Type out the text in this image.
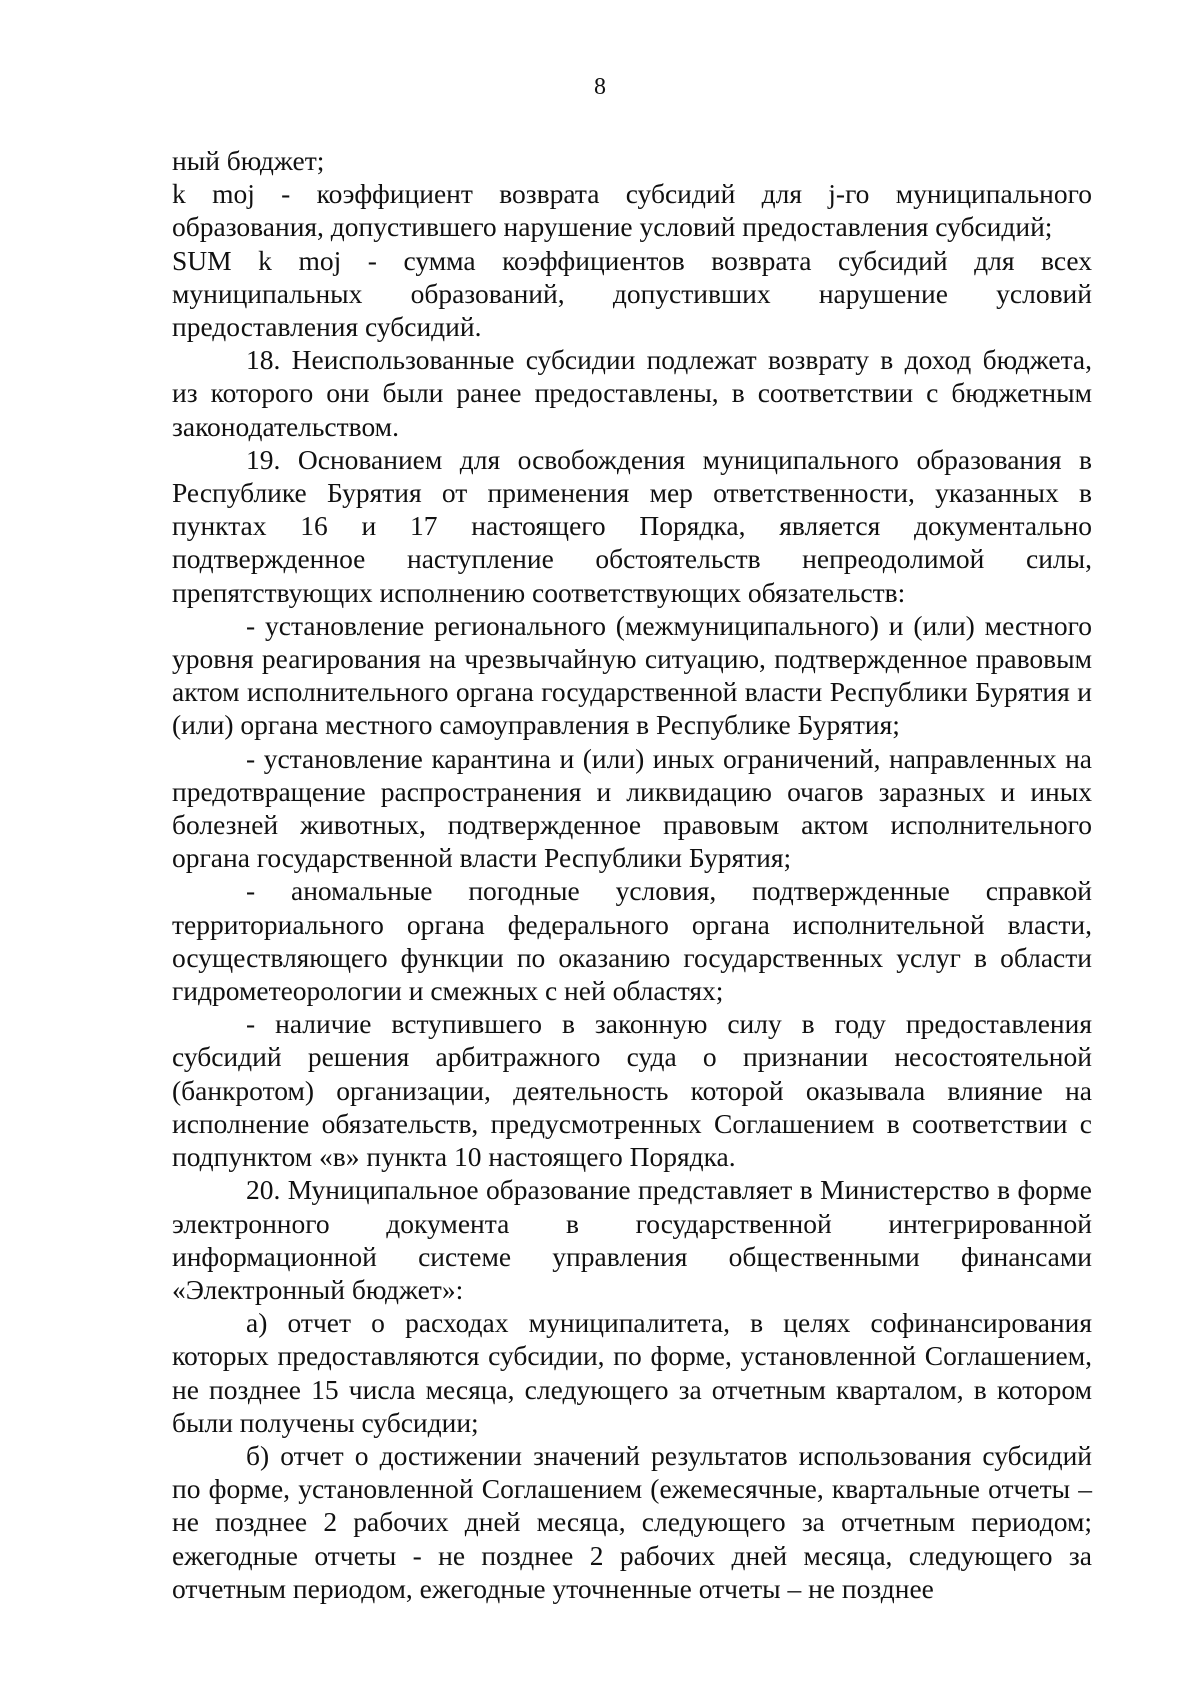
8

ный бюджет;

k moj - коэффициент возврата субсидий для j-го муниципального образования, допустившего нарушение условий предоставления субсидий;

SUM k moj - сумма коэффициентов возврата субсидий для всех муниципальных образований, допустивших нарушение условий предоставления субсидий.

18. Неиспользованные субсидии подлежат возврату в доход бюджета, из которого они были ранее предоставлены, в соответствии с бюджетным законодательством.

19. Основанием для освобождения муниципального образования в Республике Бурятия от применения мер ответственности, указанных в пунктах 16 и 17 настоящего Порядка, является документально подтвержденное наступление обстоятельств непреодолимой силы, препятствующих исполнению соответствующих обязательств:

- установление регионального (межмуниципального) и (или) местного уровня реагирования на чрезвычайную ситуацию, подтвержденное правовым актом исполнительного органа государственной власти Республики Бурятия и (или) органа местного самоуправления в Республике Бурятия;

- установление карантина и (или) иных ограничений, направленных на предотвращение распространения и ликвидацию очагов заразных и иных болезней животных, подтвержденное правовым актом исполнительного органа государственной власти Республики Бурятия;

- аномальные погодные условия, подтвержденные справкой территориального органа федерального органа исполнительной власти, осуществляющего функции по оказанию государственных услуг в области гидрометеорологии и смежных с ней областях;

- наличие вступившего в законную силу в году предоставления субсидий решения арбитражного суда о признании несостоятельной (банкротом) организации, деятельность которой оказывала влияние на исполнение обязательств, предусмотренных Соглашением в соответствии с подпунктом «в» пункта 10 настоящего Порядка.

20. Муниципальное образование представляет в Министерство в форме электронного документа в государственной интегрированной информационной системе управления общественными финансами «Электронный бюджет»:

а) отчет о расходах муниципалитета, в целях софинансирования которых предоставляются субсидии, по форме, установленной Соглашением, не позднее 15 числа месяца, следующего за отчетным кварталом, в котором были получены субсидии;

б) отчет о достижении значений результатов использования субсидий по форме, установленной Соглашением (ежемесячные, квартальные отчеты – не позднее 2 рабочих дней месяца, следующего за отчетным периодом; ежегодные отчеты - не позднее 2 рабочих дней месяца, следующего за отчетным периодом, ежегодные уточненные отчеты – не позднее
